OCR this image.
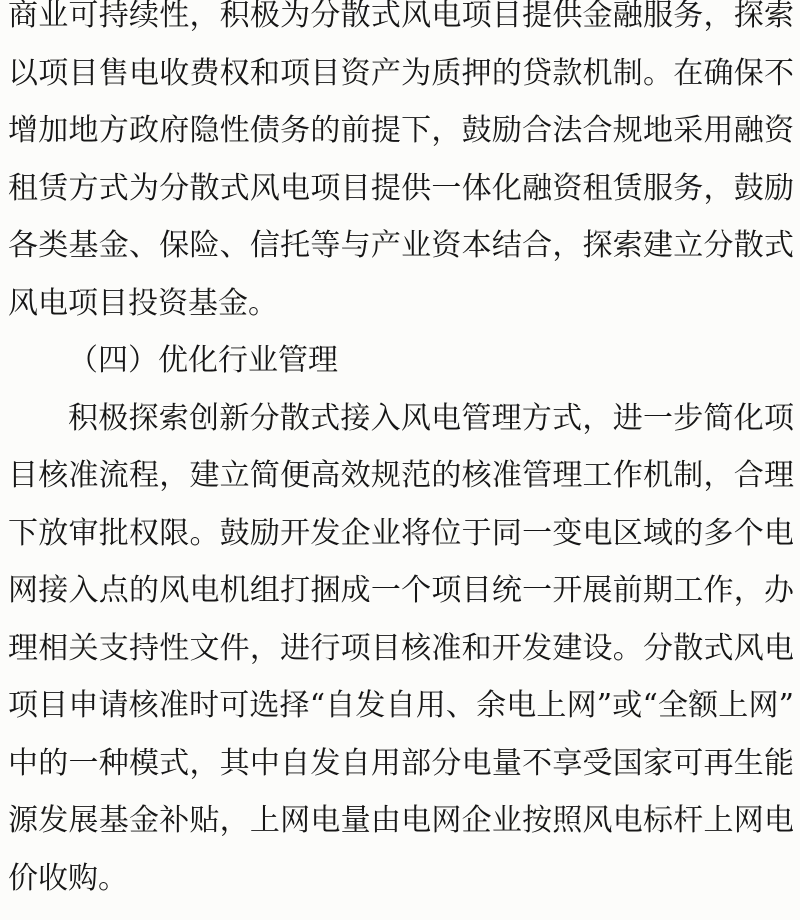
商业可持续性，积极为分散式风电项目提供金融服务，探索
以项目售电收费权和项目资产为质押的贷款机制。在确保不
增加地方政府隐性债务的前提下，鼓励合法合规地采用融资
租赁方式为分散式风电项目提供一体化融资租赁服务，鼓励
各类基金、保险、信托等与产业资本结合，探索建立分散式
风电项目投资基金。
（四）优化行业管理
积极探索创新分散式接入风电管理方式，进一步简化项
目核准流程，建立简便高效规范的核准管理工作机制，合理
下放审批权限。鼓励开发企业将位于同一变电区域的多个电
网接入点的风电机组打捆成一个项目统一开展前期工作，办
理相关支持性文件，进行项目核准和开发建设。分散式风电
项目申请核准时可选择“自发自用、余电上网”或“全额上网”
中的一种模式，其中自发自用部分电量不享受国家可再生能
源发展基金补贴，上网电量由电网企业按照风电标杆上网电
价收购。
